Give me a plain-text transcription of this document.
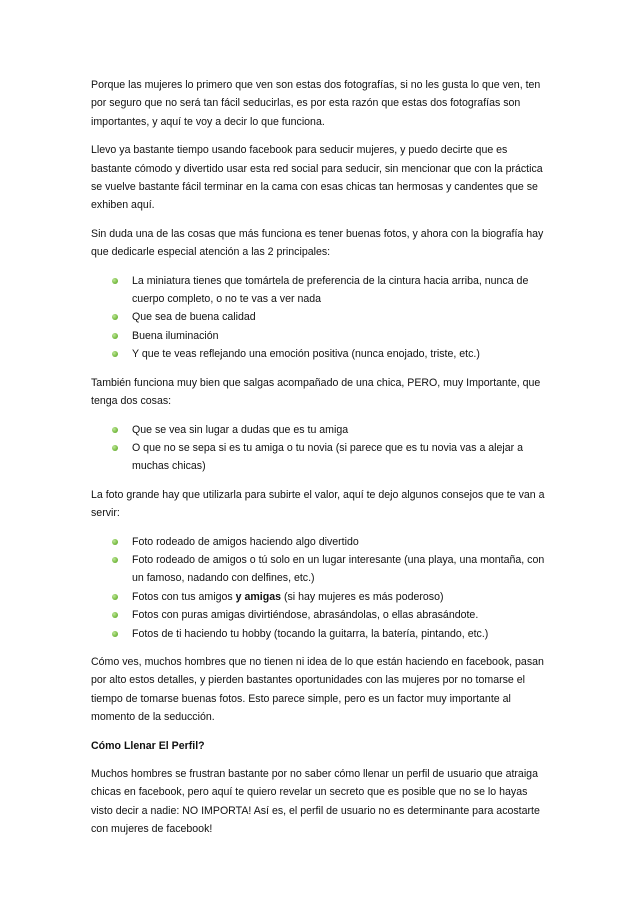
Porque las mujeres lo primero que ven son estas dos fotografías, si no les gusta lo que ven, ten por seguro que no será tan fácil seducirlas, es por esta razón que estas dos fotografías son importantes, y aquí te voy a decir lo que funciona.

Llevo ya bastante tiempo usando facebook para seducir mujeres, y puedo decirte que es bastante cómodo y divertido usar esta red social para seducir, sin mencionar que con la práctica se vuelve bastante fácil terminar en la cama con esas chicas tan hermosas y candentes que se exhiben aquí.

Sin duda una de las cosas que más funciona es tener buenas fotos, y ahora con la biografía hay que dedicarle especial atención a las 2 principales:

La miniatura tienes que tomártela de preferencia de la cintura hacia arriba, nunca de cuerpo completo, o no te vas a ver nada
Que sea de buena calidad
Buena iluminación
Y que te veas reflejando una emoción positiva (nunca enojado, triste, etc.)

También funciona muy bien que salgas acompañado de una chica, PERO, muy Importante, que tenga dos cosas:

Que se vea sin lugar a dudas que es tu amiga
O que no se sepa si es tu amiga o tu novia (si parece que es tu novia vas a alejar a muchas chicas)

La foto grande hay que utilizarla para subirte el valor, aquí te dejo algunos consejos que te van a servir:

Foto rodeado de amigos haciendo algo divertido
Foto rodeado de amigos o tú solo en un lugar interesante (una playa, una montaña, con un famoso, nadando con delfines, etc.)
Fotos con tus amigos y amigas (si hay mujeres es más poderoso)
Fotos con puras amigas divirtiéndose, abrasándolas, o ellas abrasándote.
Fotos de ti haciendo tu hobby (tocando la guitarra, la batería, pintando, etc.)

Cómo ves, muchos hombres que no tienen ni idea de lo que están haciendo en facebook, pasan por alto estos detalles, y pierden bastantes oportunidades con las mujeres por no tomarse el tiempo de tomarse buenas fotos. Esto parece simple, pero es un factor muy importante al momento de la seducción.

Cómo Llenar El Perfil?

Muchos hombres se frustran bastante por no saber cómo llenar un perfil de usuario que atraiga chicas en facebook, pero aquí te quiero revelar un secreto que es posible que no se lo hayas visto decir a nadie: NO IMPORTA! Así es, el perfil de usuario no es determinante para acostarte con mujeres de facebook!
